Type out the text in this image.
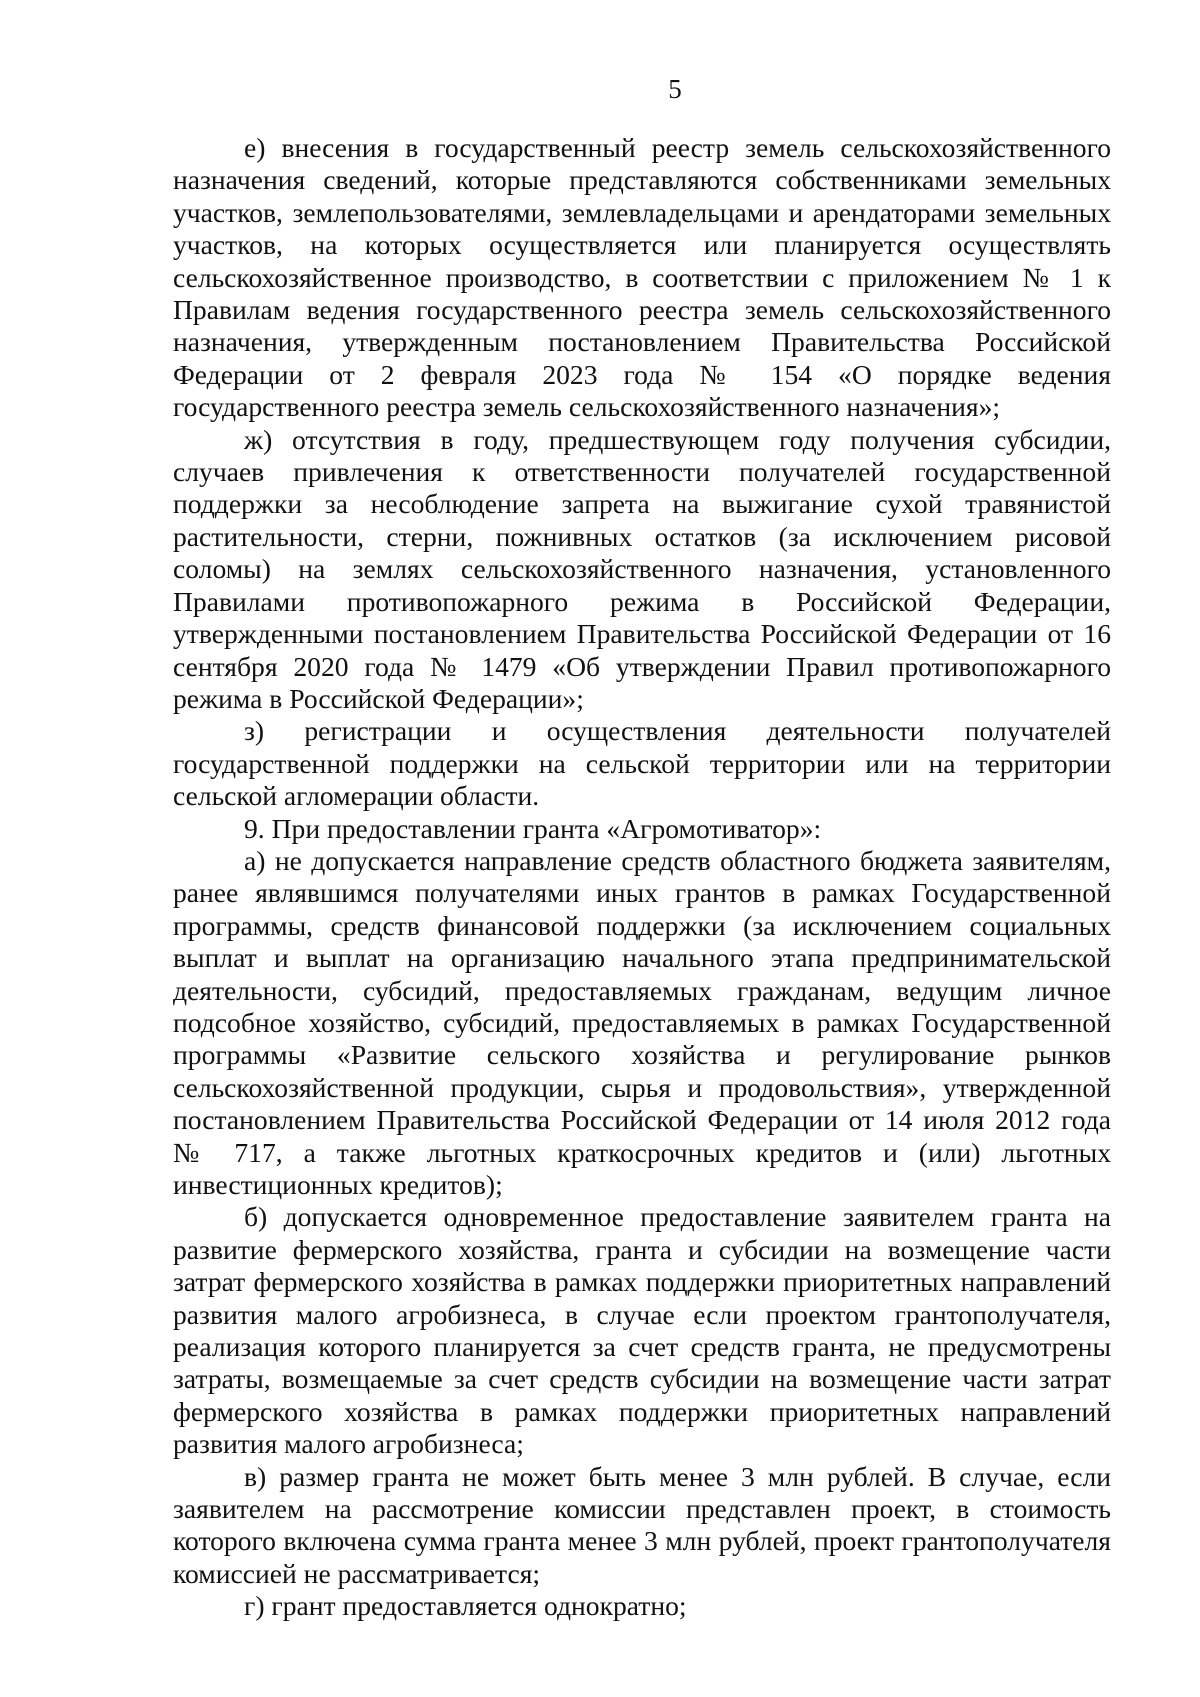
5

е) внесения в государственный реестр земель сельскохозяйственного назначения сведений, которые представляются собственниками земельных участков, землепользователями, землевладельцами и арендаторами земельных участков, на которых осуществляется или планируется осуществлять сельскохозяйственное производство, в соответствии с приложением № 1 к Правилам ведения государственного реестра земель сельскохозяйственного назначения, утвержденным постановлением Правительства Российской Федерации от 2 февраля 2023 года № 154 «О порядке ведения государственного реестра земель сельскохозяйственного назначения»;

ж) отсутствия в году, предшествующем году получения субсидии, случаев привлечения к ответственности получателей государственной поддержки за несоблюдение запрета на выжигание сухой травянистой растительности, стерни, пожнивных остатков (за исключением рисовой соломы) на землях сельскохозяйственного назначения, установленного Правилами противопожарного режима в Российской Федерации, утвержденными постановлением Правительства Российской Федерации от 16 сентября 2020 года № 1479 «Об утверждении Правил противопожарного режима в Российской Федерации»;

з) регистрации и осуществления деятельности получателей государственной поддержки на сельской территории или на территории сельской агломерации области.

9. При предоставлении гранта «Агромотиватор»:

а) не допускается направление средств областного бюджета заявителям, ранее являвшимся получателями иных грантов в рамках Государственной программы, средств финансовой поддержки (за исключением социальных выплат и выплат на организацию начального этапа предпринимательской деятельности, субсидий, предоставляемых гражданам, ведущим личное подсобное хозяйство, субсидий, предоставляемых в рамках Государственной программы «Развитие сельского хозяйства и регулирование рынков сельскохозяйственной продукции, сырья и продовольствия», утвержденной постановлением Правительства Российской Федерации от 14 июля 2012 года № 717, а также льготных краткосрочных кредитов и (или) льготных инвестиционных кредитов);

б) допускается одновременное предоставление заявителем гранта на развитие фермерского хозяйства, гранта и субсидии на возмещение части затрат фермерского хозяйства в рамках поддержки приоритетных направлений развития малого агробизнеса, в случае если проектом грантополучателя, реализация которого планируется за счет средств гранта, не предусмотрены затраты, возмещаемые за счет средств субсидии на возмещение части затрат фермерского хозяйства в рамках поддержки приоритетных направлений развития малого агробизнеса;

в) размер гранта не может быть менее 3 млн рублей. В случае, если заявителем на рассмотрение комиссии представлен проект, в стоимость которого включена сумма гранта менее 3 млн рублей, проект грантополучателя комиссией не рассматривается;

г) грант предоставляется однократно;
